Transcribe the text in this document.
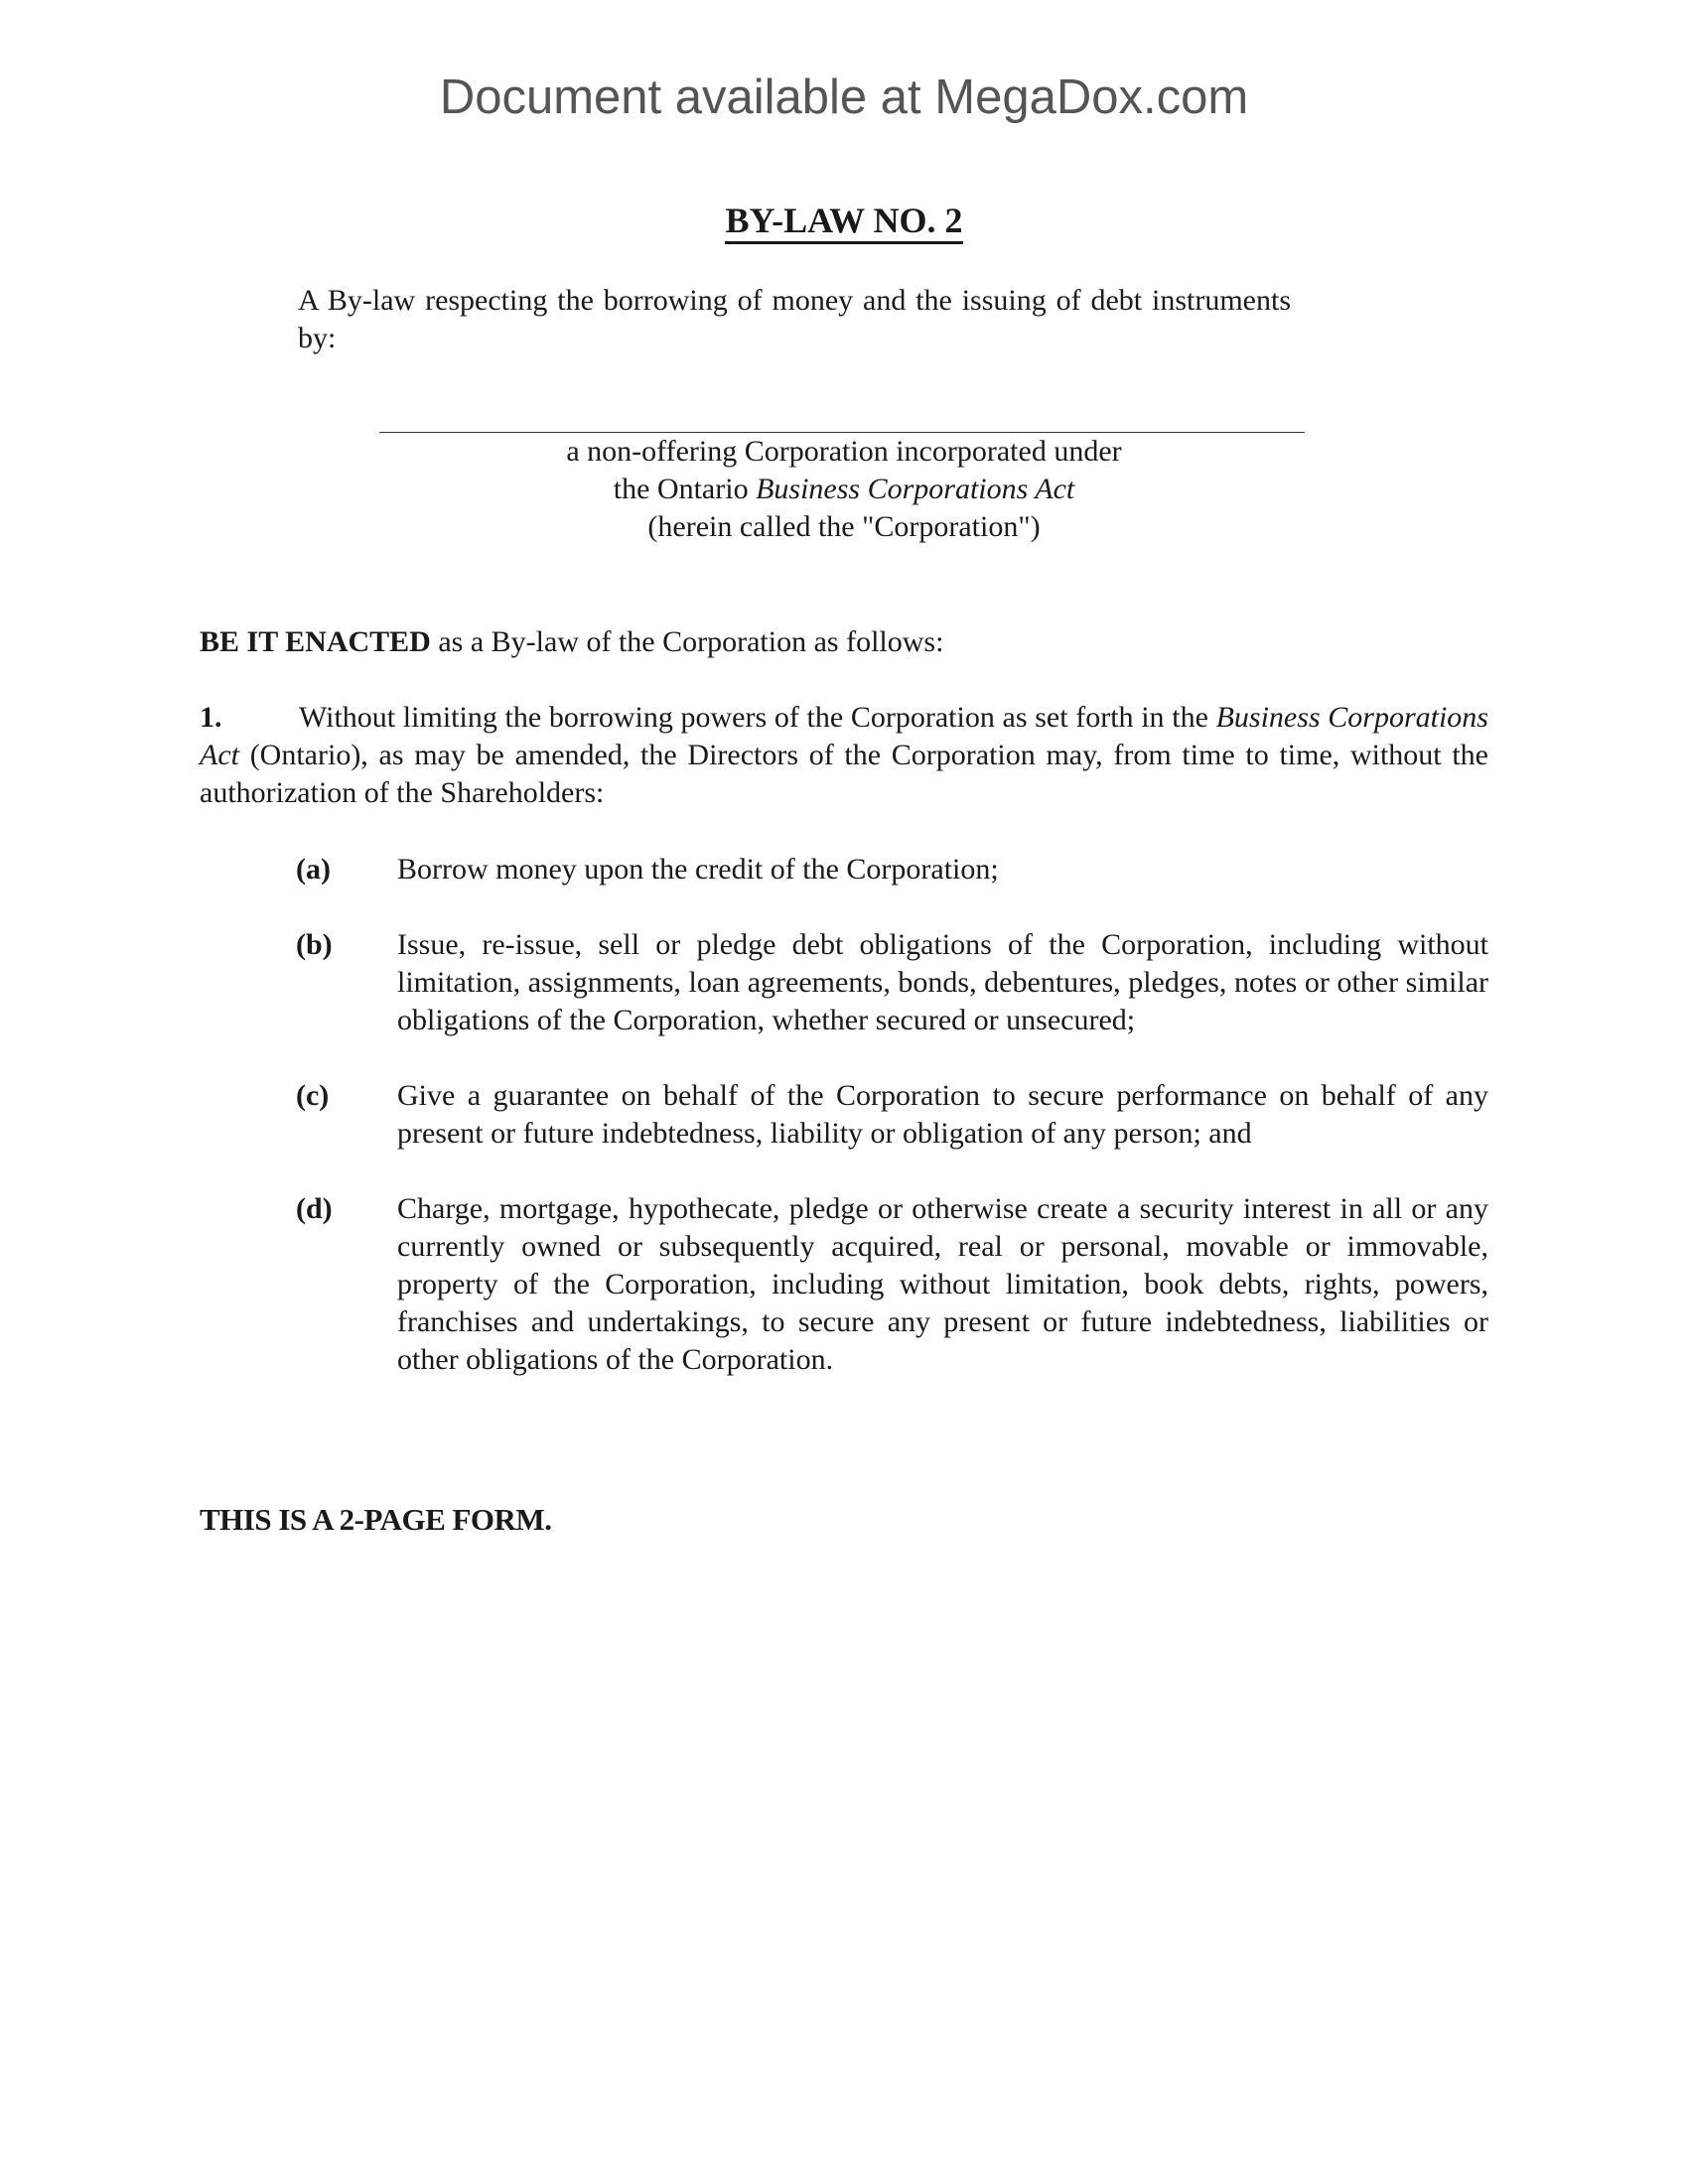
Document available at MegaDox.com
BY-LAW NO. 2

A By-law respecting the borrowing of money and the issuing of debt instruments by:

a non-offering Corporation incorporated under
the Ontario Business Corporations Act
(herein called the "Corporation")

BE IT ENACTED as a By-law of the Corporation as follows:

1.	Without limiting the borrowing powers of the Corporation as set forth in the Business Corporations Act (Ontario), as may be amended, the Directors of the Corporation may, from time to time, without the authorization of the Shareholders:

(a)	Borrow money upon the credit of the Corporation;
(b)	Issue, re-issue, sell or pledge debt obligations of the Corporation, including without limitation, assignments, loan agreements, bonds, debentures, pledges, notes or other similar obligations of the Corporation, whether secured or unsecured;
(c)	Give a guarantee on behalf of the Corporation to secure performance on behalf of any present or future indebtedness, liability or obligation of any person; and
(d)	Charge, mortgage, hypothecate, pledge or otherwise create a security interest in all or any currently owned or subsequently acquired, real or personal, movable or immovable, property of the Corporation, including without limitation, book debts, rights, powers, franchises and undertakings, to secure any present or future indebtedness, liabilities or other obligations of the Corporation.
THIS IS A 2-PAGE FORM.
